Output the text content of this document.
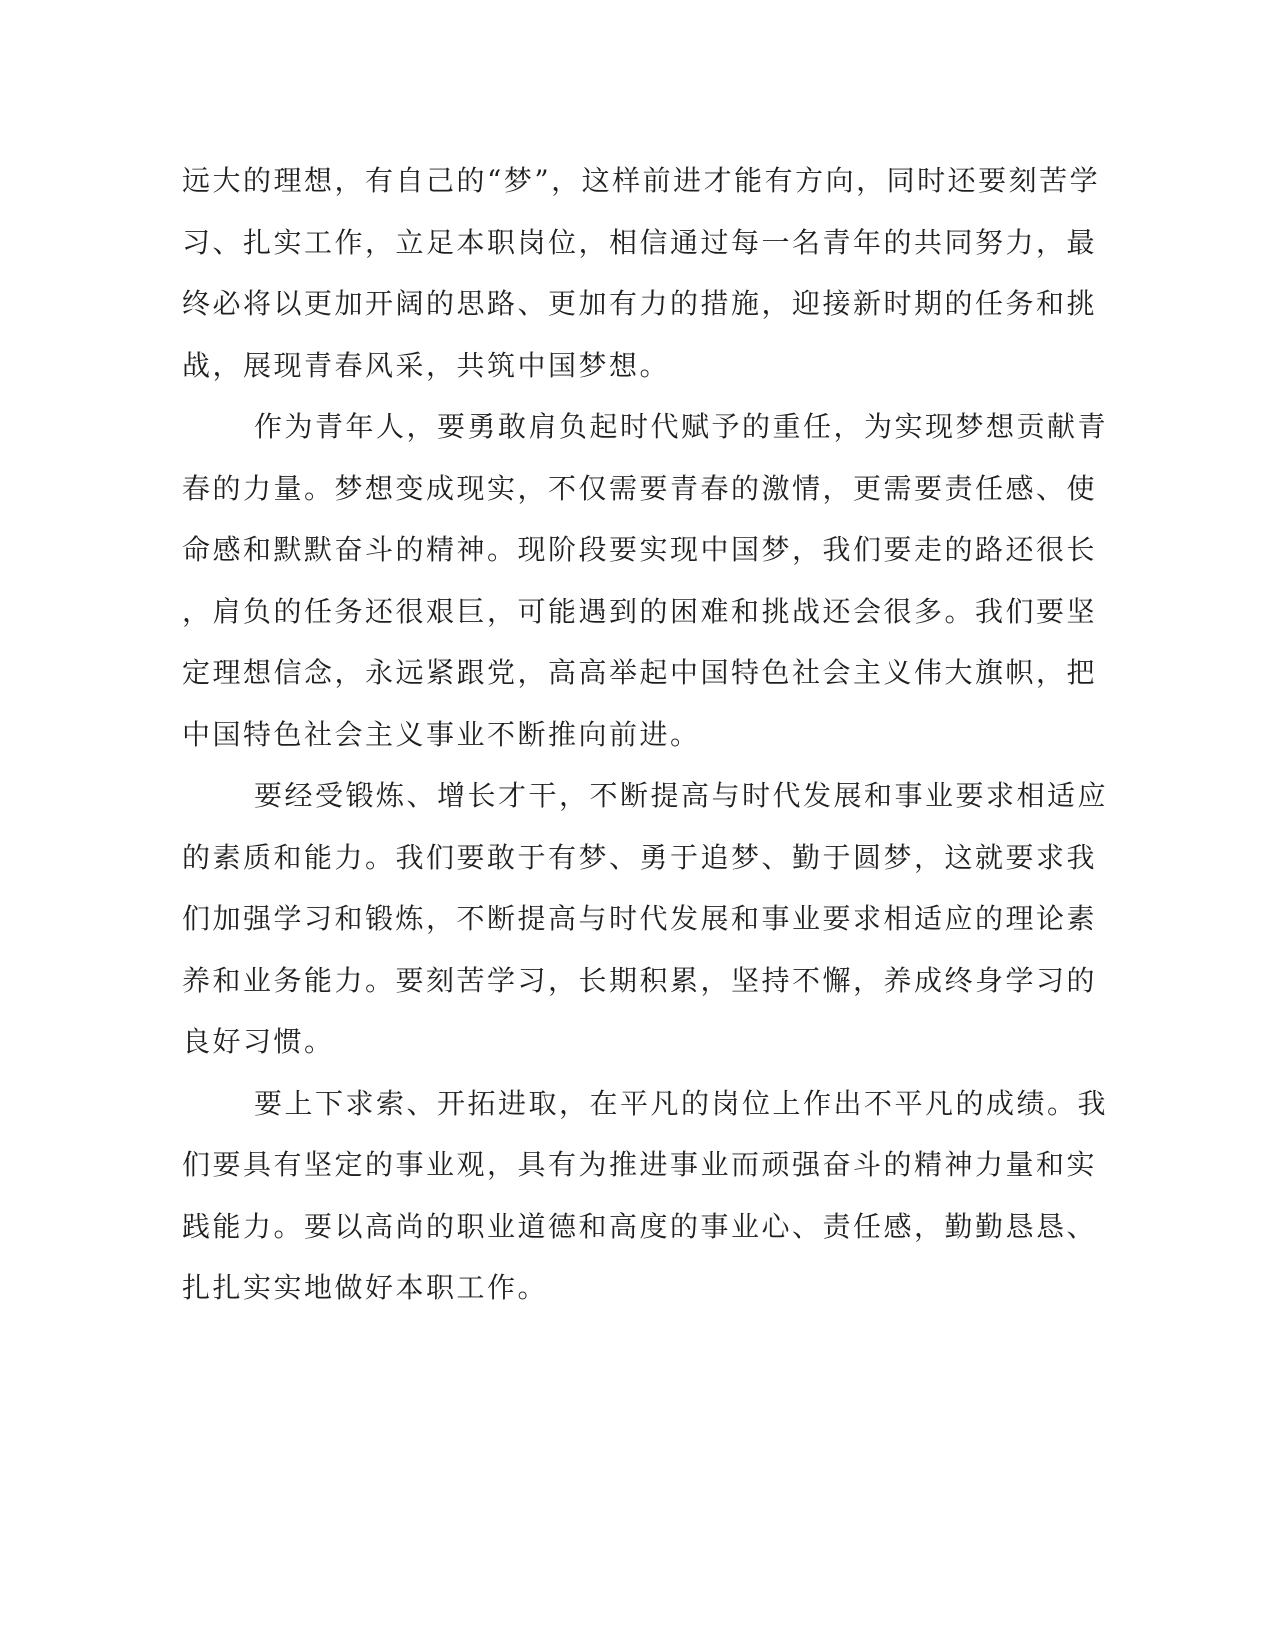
远大的理想，有自己的“梦”，这样前进才能有方向，同时还要刻苦学
习、扎实工作，立足本职岗位，相信通过每一名青年的共同努力，最
终必将以更加开阔的思路、更加有力的措施，迎接新时期的任务和挑
战，展现青春风采，共筑中国梦想。
作为青年人，要勇敢肩负起时代赋予的重任，为实现梦想贡献青
春的力量。梦想变成现实，不仅需要青春的激情，更需要责任感、使
命感和默默奋斗的精神。现阶段要实现中国梦，我们要走的路还很长
，肩负的任务还很艰巨，可能遇到的困难和挑战还会很多。我们要坚
定理想信念，永远紧跟党，高高举起中国特色社会主义伟大旗帜，把
中国特色社会主义事业不断推向前进。
要经受锻炼、增长才干，不断提高与时代发展和事业要求相适应
的素质和能力。我们要敢于有梦、勇于追梦、勤于圆梦，这就要求我
们加强学习和锻炼，不断提高与时代发展和事业要求相适应的理论素
养和业务能力。要刻苦学习，长期积累，坚持不懈，养成终身学习的
良好习惯。
要上下求索、开拓进取，在平凡的岗位上作出不平凡的成绩。我
们要具有坚定的事业观，具有为推进事业而顽强奋斗的精神力量和实
践能力。要以高尚的职业道德和高度的事业心、责任感，勤勤恳恳、
扎扎实实地做好本职工作。
